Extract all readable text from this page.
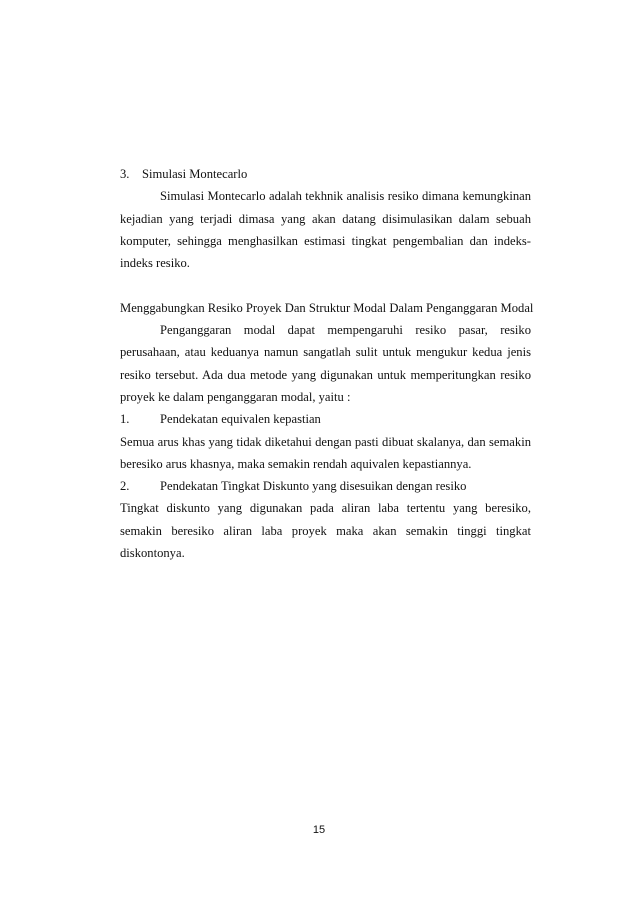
3. Simulasi Montecarlo

Simulasi Montecarlo adalah tekhnik analisis resiko dimana kemungkinan kejadian yang terjadi dimasa yang akan datang disimulasikan dalam sebuah komputer, sehingga menghasilkan estimasi tingkat pengembalian dan indeks-indeks resiko.

Menggabungkan Resiko Proyek Dan Struktur Modal Dalam Penganggaran Modal

Penganggaran modal dapat mempengaruhi resiko pasar, resiko perusahaan, atau keduanya namun sangatlah sulit untuk mengukur kedua jenis resiko tersebut. Ada dua metode yang digunakan untuk memperitungkan resiko proyek ke dalam penganggaran modal, yaitu :

1.	Pendekatan equivalen kepastian

Semua arus khas yang tidak diketahui dengan pasti dibuat skalanya, dan semakin beresiko arus khasnya, maka semakin rendah aquivalen kepastiannya.

2.	Pendekatan Tingkat Diskunto yang disesuikan dengan resiko

Tingkat diskunto yang digunakan pada aliran laba tertentu yang beresiko, semakin beresiko aliran laba proyek maka akan semakin tinggi tingkat diskontonya.

15
